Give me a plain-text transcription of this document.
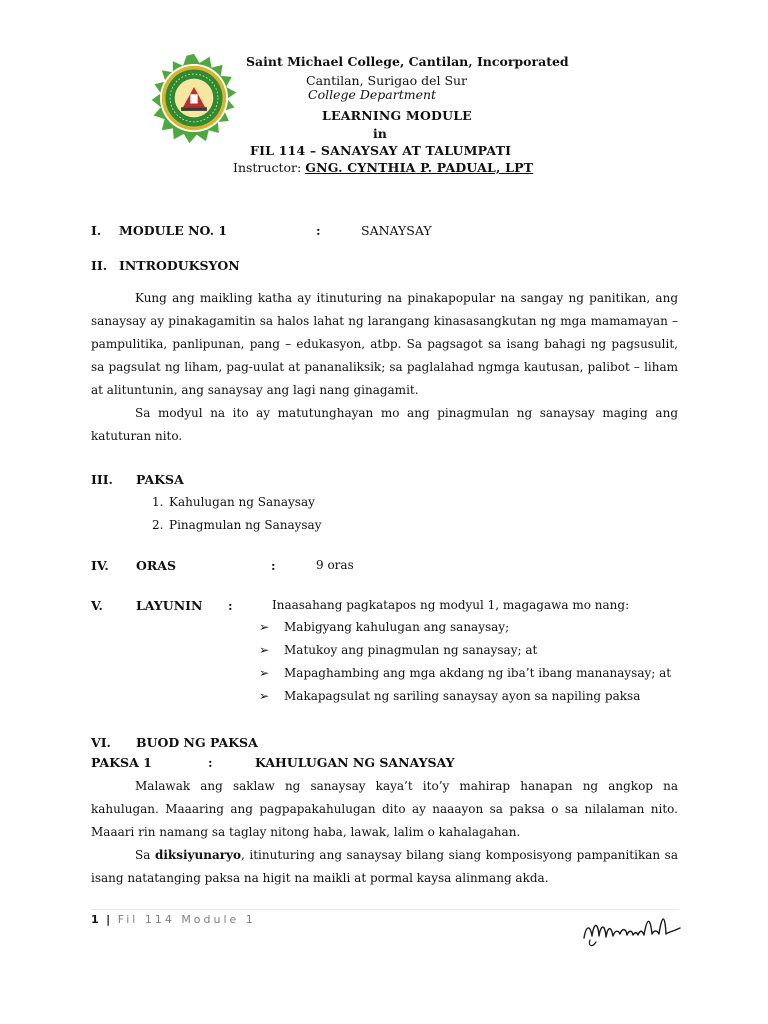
Saint Michael College, Cantilan, Incorporated
Cantilan, Surigao del Sur
College Department
LEARNING MODULE
in
FIL 114 – SANAYSAY AT TALUMPATI
Instructor: GNG. CYNTHIA P. PADUAL, LPT
I. MODULE NO. 1	:	SANAYSAY
II. INTRODUKSYON

Kung ang maikling katha ay itinuturing na pinakapopular na sangay ng panitikan, ang sanaysay ay pinakagamitin sa halos lahat ng larangang kinasasangkutan ng mga mamamayan – pampulitika, panlipunan, pang – edukasyon, atbp. Sa pagsagot sa isang bahagi ng pagsusulit, sa pagsulat ng liham, pag-uulat at pananaliksik; sa paglalahad ngmga kautusan, palibot – liham at alituntunin, ang sanaysay ang lagi nang ginagamit.

Sa modyul na ito ay matutunghayan mo ang pinagmulan ng sanaysay maging ang katuturan nito.

III. PAKSA
1. Kahulugan ng Sanaysay
2. Pinagmulan ng Sanaysay
IV. ORAS	:	9 oras
V.	LAYUNIN :	Inaasahang pagkatapos ng modyul 1, magagawa mo nang:
➢ Mabigyang kahulugan ang sanaysay;
➢ Matukoy ang pinagmulan ng sanaysay; at
➢ Mapaghambing ang mga akdang ng iba’t ibang mananaysay; at
➢ Makapagsulat ng sariling sanaysay ayon sa napiling paksa
VI. BUOD NG PAKSA
PAKSA 1	:	KAHULUGAN NG SANAYSAY

Malawak ang saklaw ng sanaysay kaya’t ito’y mahirap hanapan ng angkop na kahulugan. Maaaring ang pagpapakahulugan dito ay naaayon sa paksa o sa nilalaman nito. Maaari rin namang sa taglay nitong haba, lawak, lalim o kahalagahan.

Sa diksiyunaryo, itinuturing ang sanaysay bilang siang komposisyong pampanitikan sa isang natatanging paksa na higit na maikli at pormal kaysa alinmang akda.

1 | Fil 114 Module 1
